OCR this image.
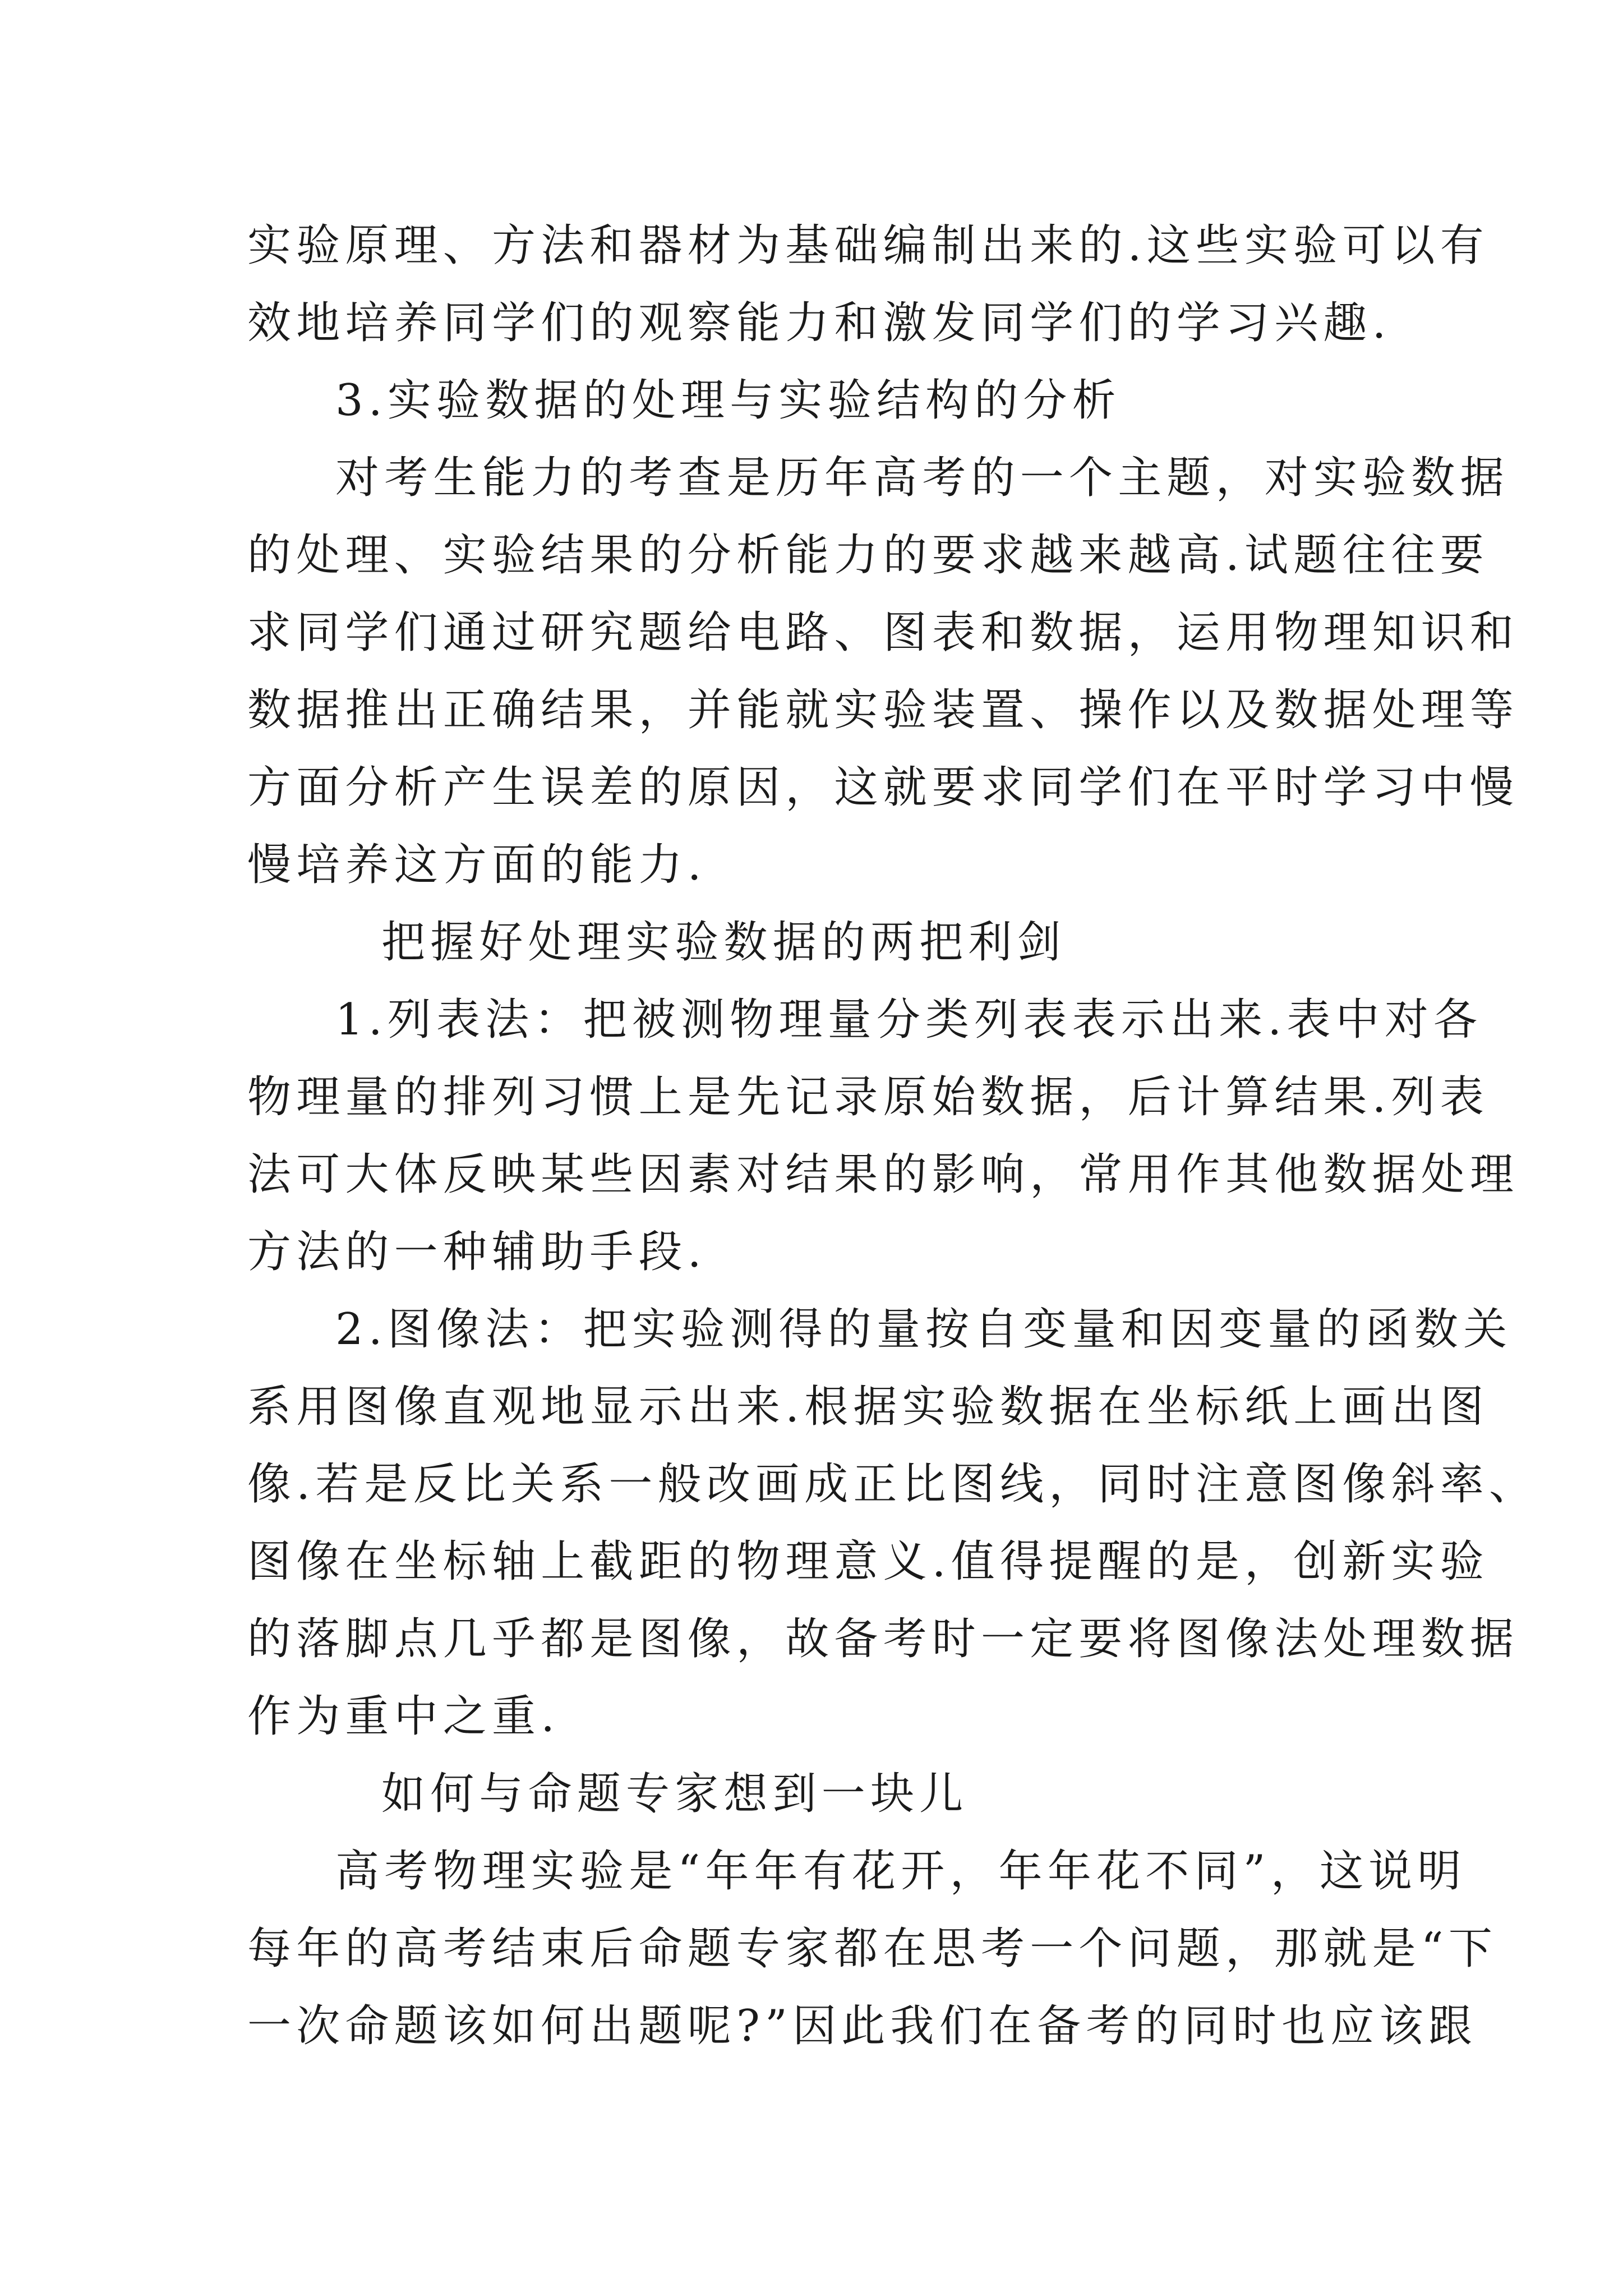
实验原理、方法和器材为基础编制出来的.这些实验可以有
效地培养同学们的观察能力和激发同学们的学习兴趣.
3.实验数据的处理与实验结构的分析
对考生能力的考查是历年高考的一个主题，对实验数据
的处理、实验结果的分析能力的要求越来越高.试题往往要
求同学们通过研究题给电路、图表和数据，运用物理知识和
数据推出正确结果，并能就实验装置、操作以及数据处理等
方面分析产生误差的原因，这就要求同学们在平时学习中慢
慢培养这方面的能力.
把握好处理实验数据的两把利剑
1.列表法：把被测物理量分类列表表示出来.表中对各
物理量的排列习惯上是先记录原始数据，后计算结果.列表
法可大体反映某些因素对结果的影响，常用作其他数据处理
方法的一种辅助手段.
2.图像法：把实验测得的量按自变量和因变量的函数关
系用图像直观地显示出来.根据实验数据在坐标纸上画出图
像.若是反比关系一般改画成正比图线，同时注意图像斜率、
图像在坐标轴上截距的物理意义.值得提醒的是，创新实验
的落脚点几乎都是图像，故备考时一定要将图像法处理数据
作为重中之重.
如何与命题专家想到一块儿
高考物理实验是“年年有花开，年年花不同”，这说明
每年的高考结束后命题专家都在思考一个问题，那就是“下
一次命题该如何出题呢?”因此我们在备考的同时也应该跟
